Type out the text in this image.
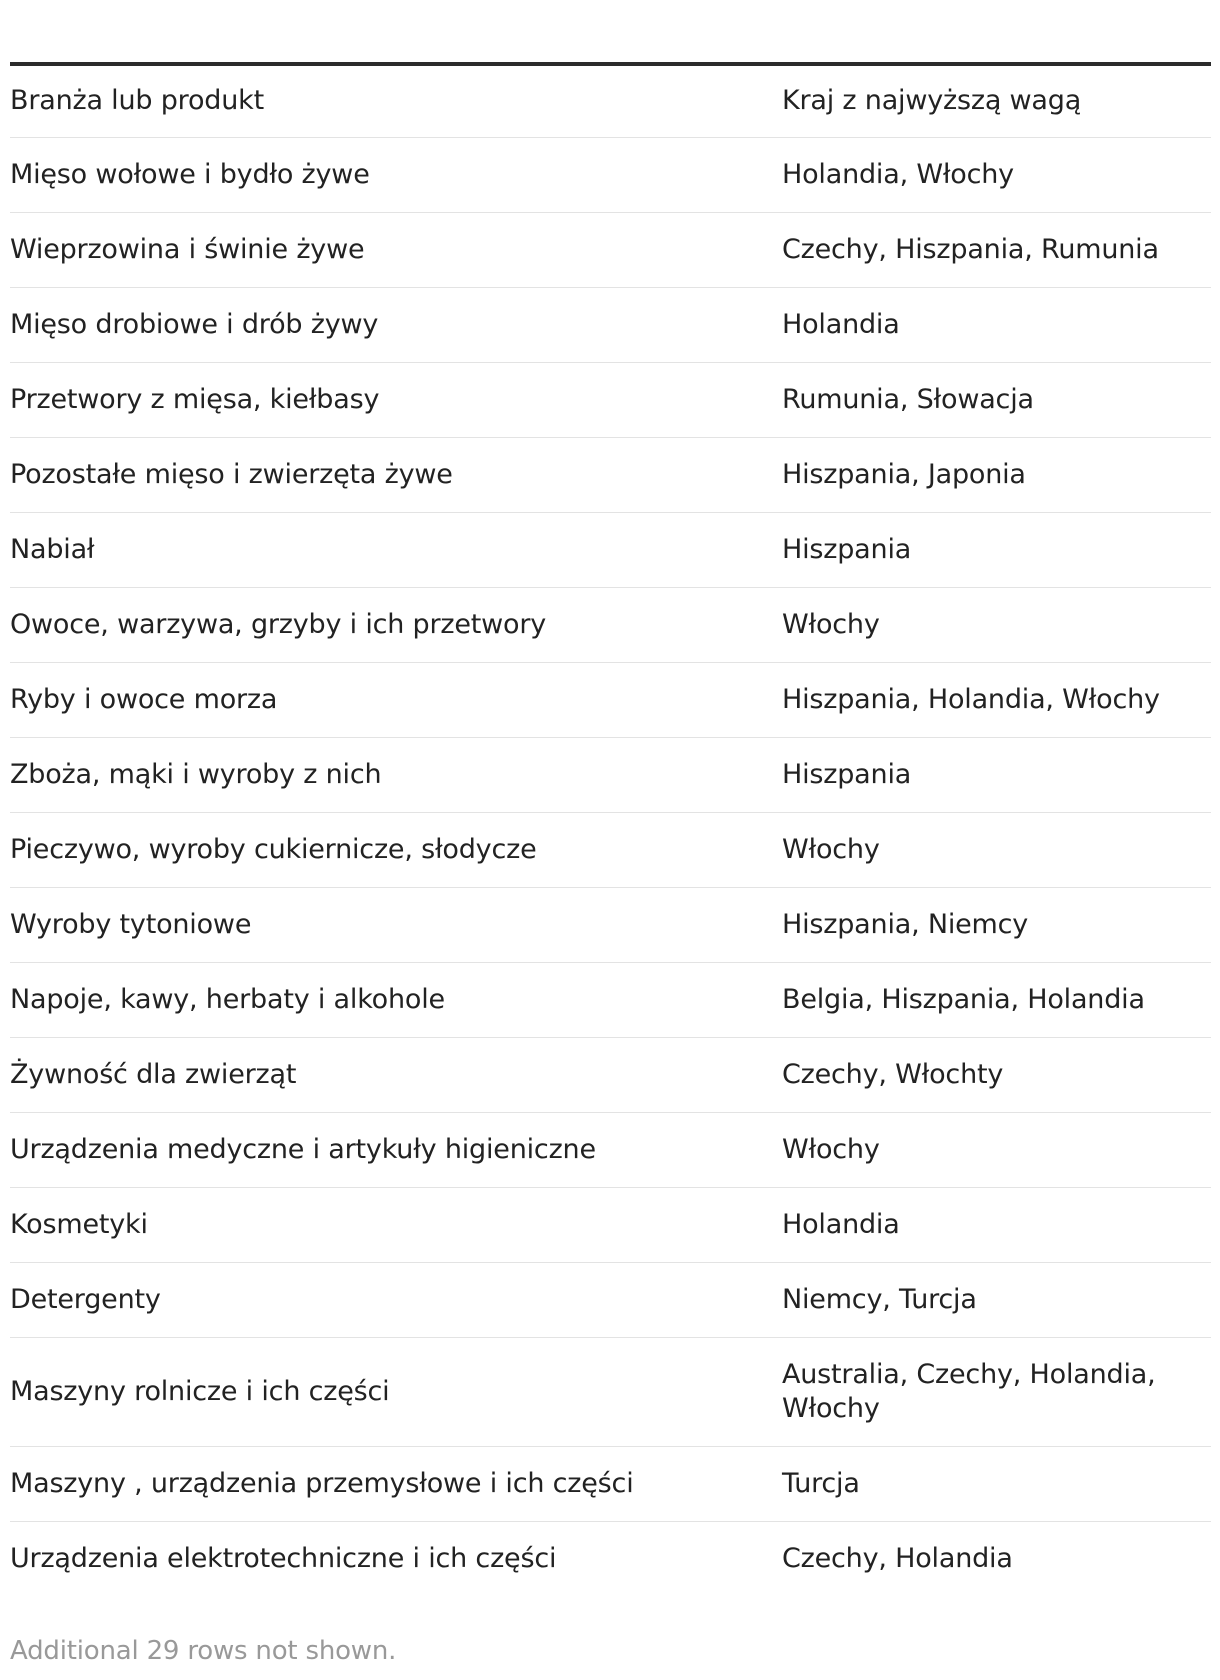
Branża lub produkt	Kraj z najwyższą wagą
Mięso wołowe i bydło żywe	Holandia, Włochy
Wieprzowina i świnie żywe	Czechy, Hiszpania, Rumunia
Mięso drobiowe i drób żywy	Holandia
Przetwory z mięsa, kiełbasy	Rumunia, Słowacja
Pozostałe mięso i zwierzęta żywe	Hiszpania, Japonia
Nabiał	Hiszpania
Owoce, warzywa, grzyby i ich przetwory	Włochy
Ryby i owoce morza	Hiszpania, Holandia, Włochy
Zboża, mąki i wyroby z nich	Hiszpania
Pieczywo, wyroby cukiernicze, słodycze	Włochy
Wyroby tytoniowe	Hiszpania, Niemcy
Napoje, kawy, herbaty i alkohole	Belgia, Hiszpania, Holandia
Żywność dla zwierząt	Czechy, Włochty
Urządzenia medyczne i artykuły higieniczne	Włochy
Kosmetyki	Holandia
Detergenty	Niemcy, Turcja
Maszyny rolnicze i ich części	Australia, Czechy, Holandia, Włochy
Maszyny , urządzenia przemysłowe i ich części	Turcja
Urządzenia elektrotechniczne i ich części	Czechy, Holandia
Additional 29 rows not shown.
